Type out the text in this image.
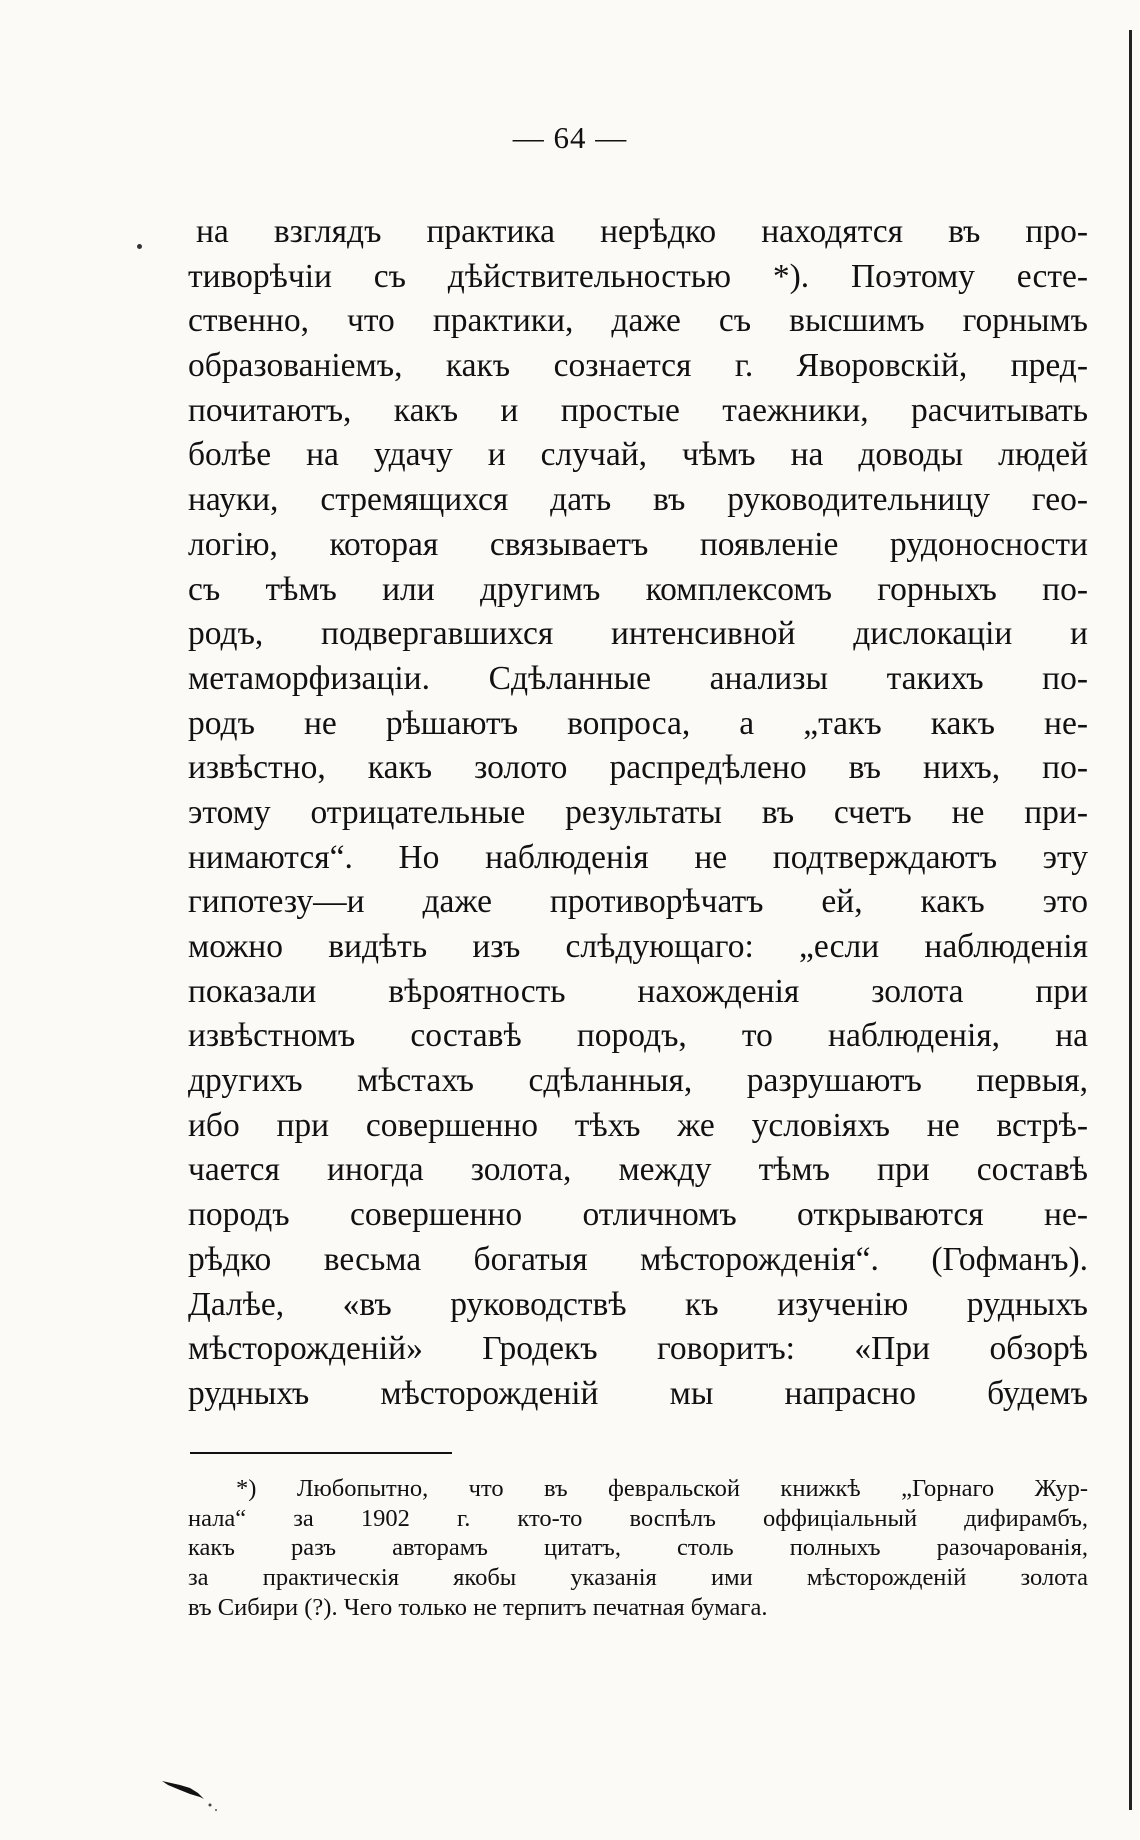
— 64 —
на взглядъ практика нерѣдко находятся въ про-
тиворѣчіи съ дѣйствительностью *). Поэтому есте-
ственно, что практики, даже съ высшимъ горнымъ
образованіемъ, какъ сознается г. Яворовскій, пред-
почитаютъ, какъ и простые таежники, расчитывать
болѣе на удачу и случай, чѣмъ на доводы людей
науки, стремящихся дать въ руководительницу гео-
логію, которая связываетъ появленіе рудоносности
съ тѣмъ или другимъ комплексомъ горныхъ по-
родъ, подвергавшихся интенсивной дислокаціи и
метаморфизаціи. Сдѣланные анализы такихъ по-
родъ не рѣшаютъ вопроса, а „такъ какъ не-
извѣстно, какъ золото распредѣлено въ нихъ, по-
этому отрицательные результаты въ счетъ не при-
нимаются“. Но наблюденія не подтверждаютъ эту
гипотезу—и даже противорѣчатъ ей, какъ это
можно видѣть изъ слѣдующаго: „если наблюденія
показали вѣроятность нахожденія золота при
извѣстномъ составѣ породъ, то наблюденія, на
другихъ мѣстахъ сдѣланныя, разрушаютъ первыя,
ибо при совершенно тѣхъ же условіяхъ не встрѣ-
чается иногда золота, между тѣмъ при составѣ
породъ совершенно отличномъ открываются не-
рѣдко весьма богатыя мѣсторожденія“. (Гофманъ).
Далѣе, «въ руководствѣ къ изученію рудныхъ
мѣсторожденій» Гродекъ говоритъ: «При обзорѣ
рудныхъ мѣсторожденій мы напрасно будемъ
*) Любопытно, что въ февральской книжкѣ „Горнаго Жур-
нала“ за 1902 г. кто-то воспѣлъ оффиціальный дифирамбъ,
какъ разъ авторамъ цитатъ, столь полныхъ разочарованія,
за практическія якобы указанія ими мѣсторожденій золота
въ Сибири (?). Чего только не терпитъ печатная бумага.
